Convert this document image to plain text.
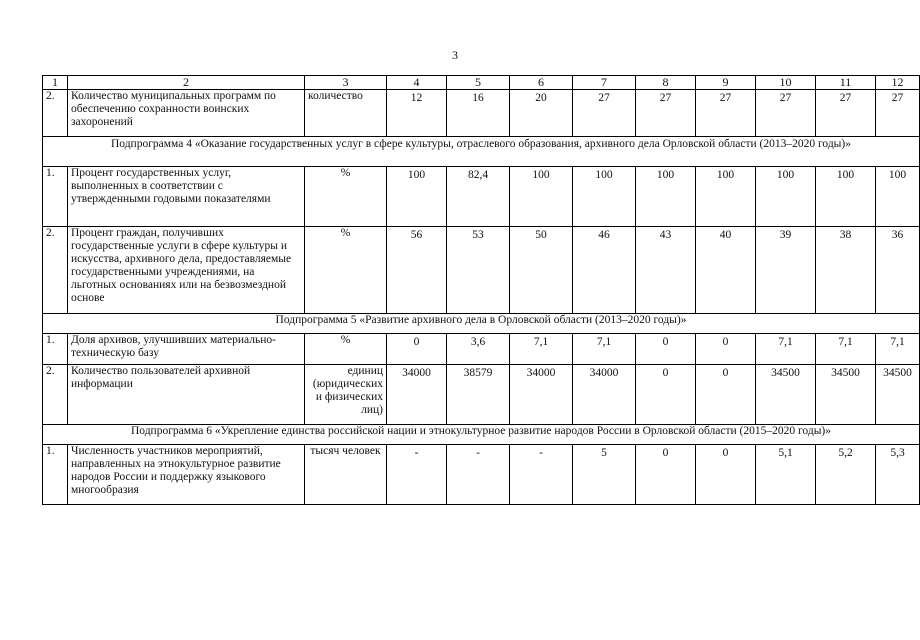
3
1	2	3	4	5	6	7	8	9	10	11	12
2.	Количество муниципальных программ по обеспечению сохранности воинских захоронений	количество	12	16	20	27	27	27	27	27	27
Подпрограмма 4 «Оказание государственных услуг в сфере культуры, отраслевого образования, архивного дела Орловской области (2013–2020 годы)»											
1.	Процент государственных услуг, выполненных в соответствии с утвержденными годовыми показателями	%	100	82,4	100	100	100	100	100	100	100
2.	Процент граждан, получивших государственные услуги в сфере культуры и искусства, архивного дела, предоставляемые государственными учреждениями, на льготных основаниях или на безвозмездной основе	%	56	53	50	46	43	40	39	38	36
Подпрограмма 5 «Развитие архивного дела в Орловской области (2013–2020 годы)»											
1.	Доля архивов, улучшивших материально-техническую базу	%	0	3,6	7,1	7,1	0	0	7,1	7,1	7,1
2.	Количество пользователей архивной информации	единиц (юридических и физических лиц)	34000	38579	34000	34000	0	0	34500	34500	34500
Подпрограмма 6 «Укрепление единства российской нации и этнокультурное развитие народов России в Орловской области (2015–2020 годы)»											
1.	Численность участников мероприятий, направленных на этнокультурное развитие народов России и поддержку языкового многообразия	тысяч человек	-	-	-	5	0	0	5,1	5,2	5,3
